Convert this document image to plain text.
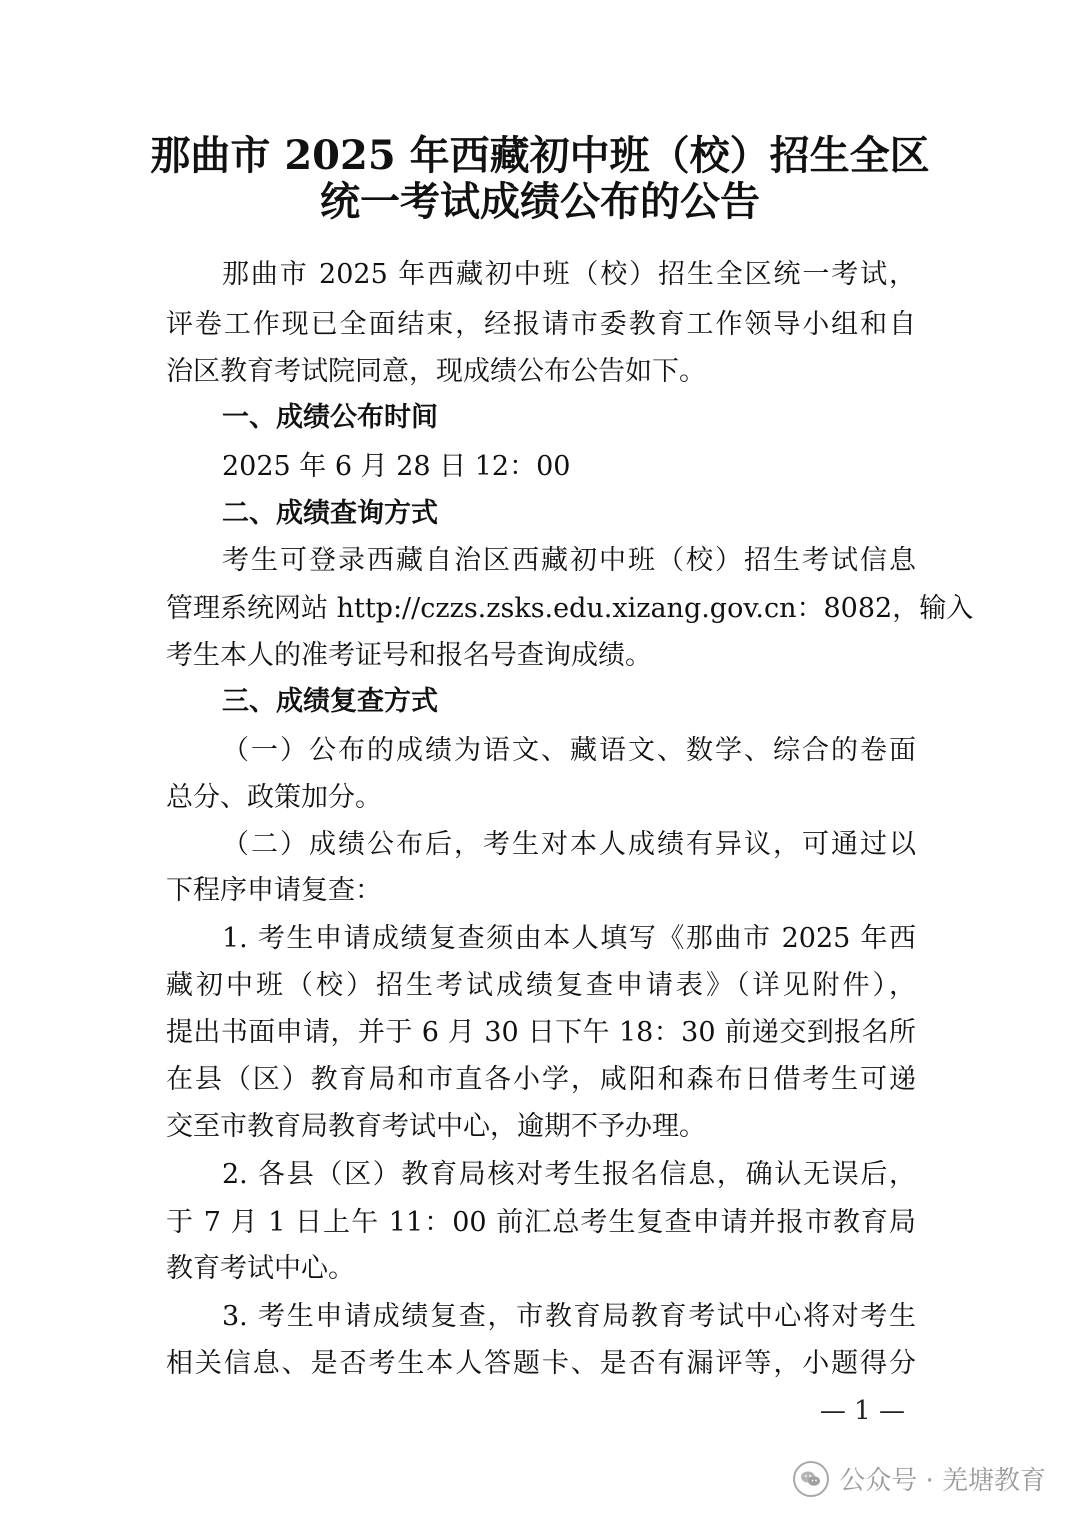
那曲市 2025 年西藏初中班（校）招生全区
统一考试成绩公布的公告
那曲市 2025 年西藏初中班（校）招生全区统一考试，
评卷工作现已全面结束，经报请市委教育工作领导小组和自
治区教育考试院同意，现成绩公布公告如下。
一、成绩公布时间
2025 年 6 月 28 日 12：00
二、成绩查询方式
考生可登录西藏自治区西藏初中班（校）招生考试信息
管理系统网站 http://czzs.zsks.edu.xizang.gov.cn：8082，输入
考生本人的准考证号和报名号查询成绩。
三、成绩复查方式
（一）公布的成绩为语文、藏语文、数学、综合的卷面
总分、政策加分。
（二）成绩公布后，考生对本人成绩有异议，可通过以
下程序申请复查：
1. 考生申请成绩复查须由本人填写《那曲市 2025 年西
藏初中班（校）招生考试成绩复查申请表》（详见附件），
提出书面申请，并于 6 月 30 日下午 18：30 前递交到报名所
在县（区）教育局和市直各小学，咸阳和森布日借考生可递
交至市教育局教育考试中心，逾期不予办理。
2. 各县（区）教育局核对考生报名信息，确认无误后，
于 7 月 1 日上午 11：00 前汇总考生复查申请并报市教育局
教育考试中心。
3. 考生申请成绩复查，市教育局教育考试中心将对考生
相关信息、是否考生本人答题卡、是否有漏评等，小题得分
— 1 —
公众号 · 羌塘教育
